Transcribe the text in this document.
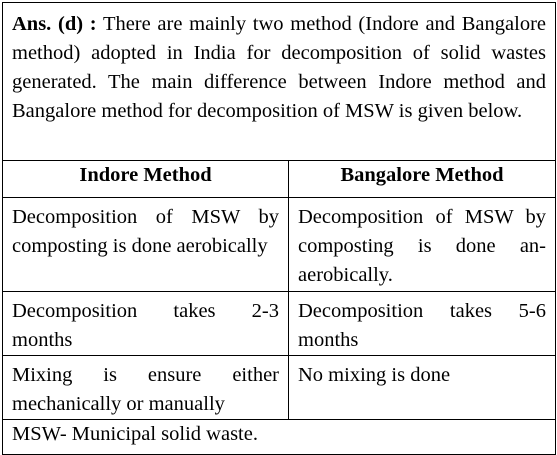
Ans. (d) : There are mainly two method (Indore and Bangalore method) adopted in India for decomposition of solid wastes generated. The main difference between Indore method and Bangalore method for decomposition of MSW is given below.	
Indore Method	Bangalore Method
Decomposition of MSW by composting is done aerobically	Decomposition of MSW by composting is done an-aerobically.
Decomposition takes 2-3 months	Decomposition takes 5-6 months
Mixing is ensure either mechanically or manually	No mixing is done
MSW- Municipal solid waste.	
